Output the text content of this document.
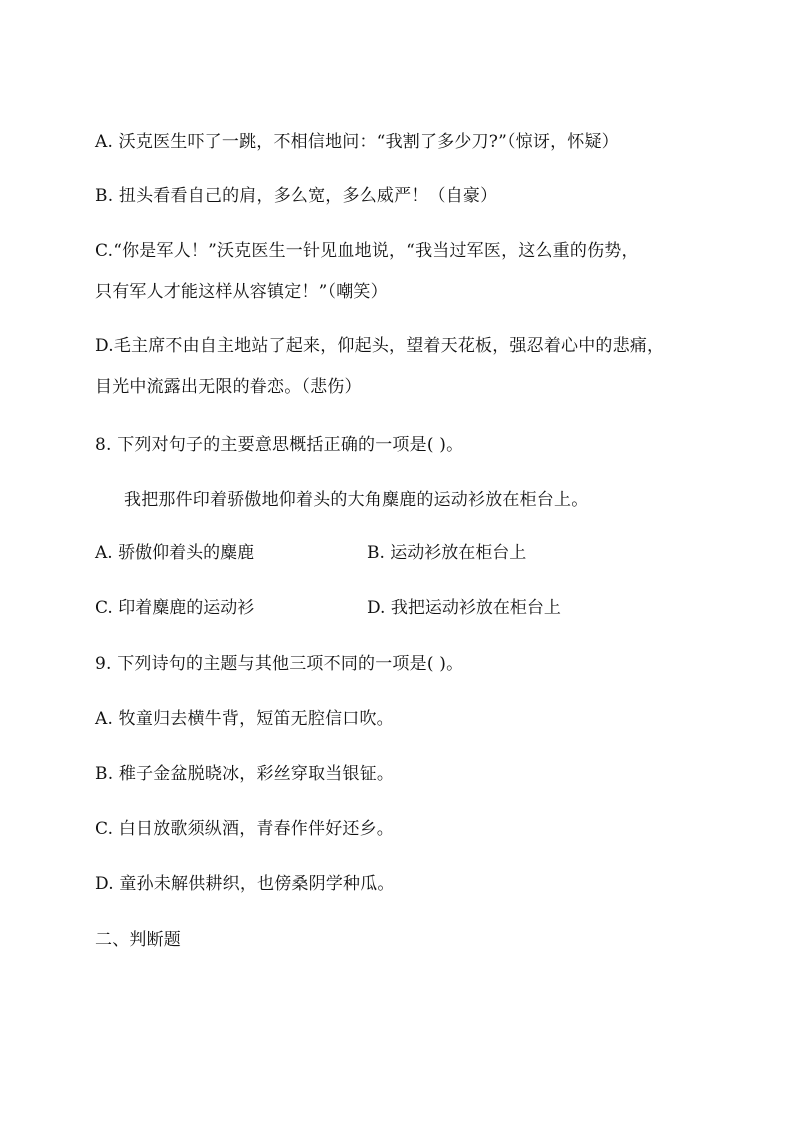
A. 沃克医生吓了一跳，不相信地问：“我割了多少刀?”（惊讶，怀疑）
B. 扭头看看自己的肩，多么宽，多么威严！（自豪）
C.“你是军人！”沃克医生一针见血地说，“我当过军医，这么重的伤势，
只有军人才能这样从容镇定！”（嘲笑）
D.毛主席不由自主地站了起来，仰起头，望着天花板，强忍着心中的悲痛，
目光中流露出无限的眷恋。（悲伤）
8. 下列对句子的主要意思概括正确的一项是( )。
我把那件印着骄傲地仰着头的大角麋鹿的运动衫放在柜台上。
A. 骄傲仰着头的麋鹿	B. 运动衫放在柜台上
C. 印着麋鹿的运动衫	D. 我把运动衫放在柜台上
9. 下列诗句的主题与其他三项不同的一项是( )。
A. 牧童归去横牛背，短笛无腔信口吹。
B. 稚子金盆脱晓冰，彩丝穿取当银钲。
C. 白日放歌须纵酒，青春作伴好还乡。
D. 童孙未解供耕织，也傍桑阴学种瓜。
二、判断题
